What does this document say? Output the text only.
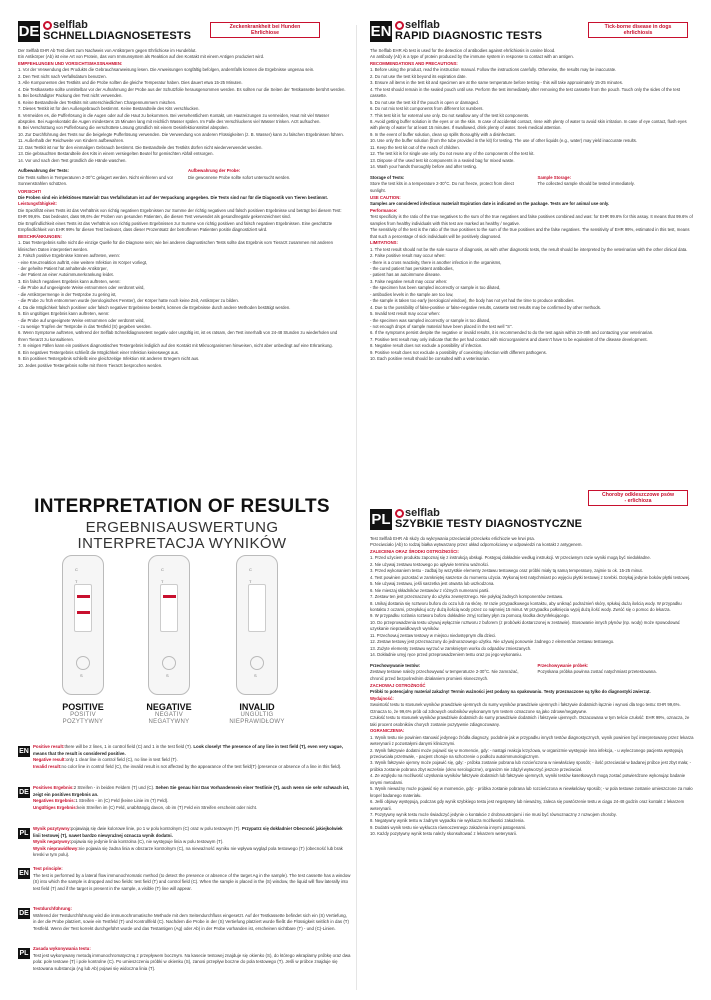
DE selflab
SCHNELLDIAGNOSETESTS
Zeckenkrankheit bei Hunden
Ehrlichiose

Der Selflab EHR Ab Test dient zum Nachweis von Antikörpern gegen Ehrlichiose im Hundeblut.

Ein Antikörper (Ab) ist eine Art von Protein, das vom Immunsystem als Reaktion auf den Kontakt mit einem Antigen produziert wird.

EMPFEHLUNGEN UND VORSICHTSMASSNAHMEN:

1. Vor der Verwendung des Produkts die Gebrauchsanweisung lesen. Die Anweisungen sorgfältig befolgen, andernfalls können die Ergebnisse ungenau sein.

2. Den Test nicht nach Verfallsdatum benutzen.

3. Alle Komponenten des Testkits und die Probe sollten die gleiche Temperatur haben. Dies dauert etwa 15-25 Minuten.

4. Die Testkassette sollte unmittelbar vor der Aufnahmung der Probe aus der Schutzfolie herausgenommen werden. Es sollten nur die Seiten der Testkassette berührt werden.

5. Bei beschädigter Packung den Test nicht verwenden.

6. Keine Bestandteile des Testkits mit unterschiedlichen Chargennummern mischen.

7. Dieses Testkit ist für den Außengebrauch bestimmt. Keine Bestandteile des Kits verschlucken.

8. Vermeiden es, die Pufferlösung in die Augen oder auf die Haut zu bekommen. Bei versehentlichem Kontakt, um Hautreizungen zu vermeiden, Haut mit viel Wasser abspülen. Bei Augenkontakt die Augen mindestens 15 Minuten lang mit reichlich Wasser spülen. Im Falle des Verschluckens viel Wasser trinken. Arzt aufsuchen.

9. Bei Verschüttung von Pufferlösung die verschüttete Lösung gründlich mit einem Desinfektionsmittel abspülen.

10. Zur Durchführung des Tests nur die beigelegte Pufferlösung verwenden. Die Verwendung von anderen Flüssigkeiten (z. B. Wasser) kann zu falschen Ergebnissen führen.

11. Außerhalb der Reichweite von Kindern aufbewahren.

12. Das Testkit ist nur für den einmaligen Gebrauch bestimmt. Die Bestandteile des Testkits dürfen nicht wiederverwendet werden.

13. Die gebrauchten Bestandteile des Kits in einem versiegelten Beutel für gemischten Abfall entsorgen.

14. Vor und nach dem Test gründlich die Hände waschen.

Aufbewahrung der Tests:

Die Tests sollten in Temperaturen 2-30°C gelagert werden. Nicht einfrieren und vor Sonnenstrahlen schützen.

Aufbewahrung der Probe:

Die gewonnene Probe sollte sofort untersucht werden.

VORSICHT!

Die Proben sind ein infektiöses Material! Das Verfallsdatum ist auf der Verpackung angegeben. Die Tests sind nur für die Diagnostik von Tieren bestimmt.

Leistungsfähigkeit:

Die Spezifität eines Tests ist das Verhältnis von richtig negativen Ergebnissen zur Summe der richtig negativen und falsch positiven Ergebnisse und beträgt bei diesem Test: EHR 99,6%. Das bedeutet, dass 99,6% der Proben von gesunden Patienten, die diesen Test verwendet als gesund/negativ gekennzeichnet sind.

Die Empfindlichkeit eines Tests ist das Verhältnis von richtig positiven Ergebnissen zur Summe von richtig positiven und falsch negativen Ergebnissen. Eine geschätzte Empfindlichkeit von EHR 99% für diesen Test bedeutet, dass dieser Prozentsatz der betroffenen Patienten positiv diagnostiziert wird.

BESCHRÄNKUNGEN:

1. Das Testergebnis sollte nicht die einzige Quelle für die Diagnose sein; wie bei anderen diagnostischen Tests sollte das Ergebnis vom Tierarzt zusammen mit anderen klinischen Daten interpretiert werden.

2. Falsch positive Ergebnisse können auftreten, wenn:

- eine Kreuzreaktion auftritt, eine weitere Infektion im Körper vorliegt,

- der geheilte Patient hat anhaltende Antikörper,

- der Patient an einer Autoimmunerkrankung leidet.

3. Ein falsch negatives Ergebnis kann auftreten, wenn:

- die Probe auf ungeeignete Weise entnommen oder verdünnt wird,

- die Antikörpermenge in der Testprobe zu gering ist,

- die Probe zu früh entnommen wurde (serologisches Fenster), der Körper hatte noch keine Zeit, Antikörper zu bilden.

4. Da die Möglichkeit falsch positiver oder falsch negativer Ergebnisse besteht, können die Ergebnisse durch andere Methoden bestätigt werden.

5. Ein ungültiges Ergebnis kann auftreten, wenn:

- die Probe auf ungeeignete Weise entnommen oder verdünnt wird,

- zu wenige Tropfen der Testprobe in das Testfeld (S) gegeben werden.

6. Wenn Symptome auftreten, während der Selflab Schnelldiagnosetest negativ oder ungültig ist, ist es ratsam, den Test innerhalb von 24-48 Stunden zu wiederholen und Ihren Tierarzt zu konsultieren.

7. In einigen Fällen kann ein positives diagnostisches Testergebnis lediglich auf den Kontakt mit Mikroorganismen hinweisen, nicht aber unbedingt auf eine Erkrankung.

8. Ein negatives Testergebnis schließt die Möglichkeit einer Infektion keineswegs aus.

9. Ein positives Testergebnis schließt eine gleichzeitige Infektion mit anderen Erregern nicht aus.

10. Jedes positive Testergebnis sollte mit Ihrem Tierarzt besprochen werden.

EN selflab
RAPID DIAGNOSTIC TESTS
Tick-borne disease in dogs
ehrlichiosis

The Selflab EHR Ab test is used for the detection of antibodies against ehrlichiosis in canine blood.

An antibody (Ab) is a type of protein produced by the immune system in response to contact with an antigen.

RECOMMENDATIONS AND PRECAUTIONS:

1. Before using the product, read the instruction manual. Follow the instructions carefully. Otherwise, the results may be inaccurate.

2. Do not use the test kit beyond its expiration date.

3. Ensure all items in the test kit and specimen are at the same temperature before testing - this will take approximately 15-25 minutes.

4. The test should remain in the sealed pouch until use. Perform the test immediately after removing the test cassette from the pouch. Touch only the sides of the test cassette.

5. Do not use the test kit if the pouch is open or damaged.

6. Do not mix test kit components from different lot numbers.

7. This test kit is for external use only. Do not swallow any of the test kit components.

8. Avoid getting buffer solution in the eyes or on the skin. In case of accidental contact, rinse with plenty of water to avoid skin irritation. In case of eye contact, flush eyes with plenty of water for at least 15 minutes. If swallowed, drink plenty of water. Seek medical attention.

9. In the event of buffer solution, clean up spills thoroughly with a disinfectant.

10. Use only the buffer solution (from the tube provided in the kit) for testing. The use of other liquids (e.g., water) may yield inaccurate results.

11. Keep the test kit out of the reach of children.

12. The test kit is for single use only. Do not reuse any of the components of the test kit.

13. Dispose of the used test kit components in a sealed bag for mixed waste.

14. Wash your hands thoroughly before and after testing.

Storage of Tests:

Store the test kits in a temperature 2-30°C. Do not freeze, protect from direct sunlight.

Sample Storage:

The collected sample should be tested immediately.

USE CAUTION:

Samples are considered infectious material! Expiration date is indicated on the package. Tests are for animal use only.

Performance:

Test specificity is the ratio of the true negatives to the sum of the true negatives and false positives combined and was: for EHR 99.6% for this assay. It means that 99.6% of samples from healthy individuals with this test are marked as healthy / negative.

The sensitivity of the test is the ratio of the true positives to the sum of the true positives and the false negatives. The sensitivity of EHR 99%, estimated in this test, means that such a percentage of sick individuals will be positively diagnosed.

LIMITATIONS:

1. The test result should not be the sole source of diagnosis, as with other diagnostic tests, the result should be interpreted by the veterinarian with the other clinical data.

2. False positive result may occur when:

- there is a cross reactivity, there is another infection in the organisms,

- the cured patient has persistent antibodies,

- patient has an autoimmune disease.

3. False negative result may occur when:

- the specimen has been sampled incorrectly or sample is too diluted,

- antibodies levels in the sample are too low,

- the sample is taken too early (serological window), the body has not yet had the time to produce antibodies.

4. Due to the possibility of false-positive or false-negative results, cassette test results may be confirmed by other methods.

5. Invalid test result may occur when:

- the specimen was sampled incorrectly or sample is too diluted,

- not enough drops of sample material have been placed in the test well "S".

6. If the symptoms persist despite the negative or invalid results, it is recommended to do the test again within 24-48h and contacting your veterinarian.

7. Positive test result may only indicate that the pet had contact with microorganisms and doesn't have to be equivalent of the disease development.

8. Negative result does not exclude a possibility of infection.

9. Positive result does not exclude a possibility of coexisting infection with different pathogens.

10. Each positive result should be consulted with a veterinarian.

INTERPRETATION OF RESULTS
ERGEBNISAUSWERTUNG
INTERPRETACJA WYNIKÓW
C
T
S
POSITIVE
POSITIV
POZYTYWNY
C
T
S
NEGATIVE
NEGATIV
NEGATYWNY
C
T
S
INVALID
UNGÜLTIG
NIEPRAWIDŁOWY
EN

Positive result:there will be 2 lines, 1 in control field (C) and 1 in the test field (T). Look closely! The presence of any line in test field (T), even very vague, means that the result is considered positive.

Negative result:only 1 clear line in control field (C), no line in test field (T).

Invalid result:no color line in control field (C), the invalid result is not affected by the appearance of the test field(T) (presence or absence of a line in this field).

DE

Positives Ergebnis:2 Streifen - in beiden Feldern (T) und (C). Sehen Sie genau hin! Das Vorhandensein einer Testlinie (T), auch wenn sie sehr schwach ist, zeigt ein positives Ergebnis an.

Negatives Ergebnis:1 Streifen - im (C) Feld (keine Linie im (T) Feld).

Ungültiges Ergebnis:kein Streifen im (C) Feld, unabhängig davon, ob im (T) Feld ein Streifen erscheint oder nicht.

PL

Wynik pozytywny:pojawiają się dwie kolorowe linie, po 1 w polu kontrolnym (C) oraz w polu testowym (T). Przypatrz się dokładnie! Obecność jakiejkolwiek linii testowej (T), nawet bardzo niewyraźnej oznacza wynik dodatni.

Wynik negatywny:pojawia się jedynie linia kontrolna (C), nie występuje linia w polu testowym (T).

Wynik nieprawidłowy:nie pojawia się żadna linia w obszarze kontrolnym (C), na nieważność wyniku nie wpływa wygląd pola testowego (T) (obecność lub brak kreski w tym polu).

EN

Test principle:

The test is performed by a lateral flow immunochromatic method (to detect the presence or absence of the target Ag in the sample). The test cassette has a window (S) into which the sample is dropped and two fields: test field (T) and control field (C). When the sample is placed in the (S) window, the liquid will flow laterally into test field (T) and if the target is present in the sample, a visible (T) line will appear.

DE

Testdurchführung:

Während der Testdurchführung wird die immunochromatische Methode mit dem Seitendurchfluss eingesetzt. Auf der Testkassette befindet sich ein (S) Vertiefung, in der die Probe platziert, sowie ein Testfeld (T) und Kontrollfeld (C). Nachdem die Probe in der (S) Vertiefung platziert wurde fließt die Flüssigkeit seitlich in das (T) Testfeld. Wenn der Test korrekt durchgeführt wurde und das Testantigen (Ag) oder Ab) in der Probe vorhanden ist, erscheinen sichtbare (T) - und (C)-Linien.

PL

Zasada wykonywania testu:

Test jest wykonywany metodą immunochromatyczną z przepływem bocznym. Na kasecie testowej znajduje się okienko (S), do którego wkraplamy próbkę oraz dwa pola: pole testowe (T) i pole kontrolne (C). Po umieszczeniu próbki w okienku (S), zanosi przepływ boczne do pola testowego (T). Jeśli w próbce znajduje się testowana substancja (Ag lub Ab) pojawi się widoczna linia (T).

PL selflab
SZYBKIE TESTY DIAGNOSTYCZNE
Choroby odkleszczowe psów
- erlichioza

Test Selflab EHR Ab służy do wykrywania przeciwciał przeciwko erlichiozie we krwi psa.

Przeciwciało (Ab) to rodzaj białka wytwarzany przez układ odpornościowy w odpowiedzi na kontakt z antygenem.

ZALECENIA ORAZ ŚRODKI OSTROŻNOŚCI:

1. Przed użyciem produktu zapoznaj się z instrukcją obsługi. Postępuj dokładnie według instrukcji. W przeciwnym razie wyniki mogą być niedokładne.

2. Nie używaj zestawu testowego po upływie terminu ważności.

3. Przed wykonaniem testu - zadbaj by wszystkie elementy zestawu testowego oraz próbki miały tą samą temperaturę, zajmie to ok. 15-25 minut.

4. Test powinien pozostać w zamkniętej saszetce do momentu użycia. Wykonaj test natychmiast po wyjęciu płytki testowej z torebki. Dotykaj jedynie boków płytki testowej.

5. Nie używaj zestawu, jeśli saszetka jest otwarta lub uszkodzona.

6. Nie mieszaj składników zestawów z różnych numerami partii.

7. Zestaw ten jest przeznaczony do użytku zewnętrznego. Nie połykaj żadnych komponentów zestawu.

8. Unikaj dostania się roztworu buforu do oczu lub na skórę. W razie przypadkowego kontaktu, aby uniknąć podrażnień skóry, spłukuj dużą ilością wody. W przypadku kontaktu z oczami, przepłukuj oczy dużą ilością wody przez co najmniej 15 minut. W przypadku połknięcia wypij dużą ilość wody. Zwróć się o pomoc do lekarza.

9. W przypadku rozlania roztworu buforu dokładnie zmyj rozlany płyn za pomocą środka dezynfekującego.

10. Do przeprowadzenia testu używaj wyłącznie roztworu z buforem (z probówki dostarczonej w zestawie). Stosowanie innych płynów (np. wody) może spowodować uzyskanie nieprawidłowych wyników.

11. Przechowuj zestaw testowy w miejscu niedostępnym dla dzieci.

12. Zestaw testowy jest przeznaczony do jednorazowego użytku. Nie używaj ponownie żadnego z elementów zestawu testowego.

13. Zużyte elementy zestawu wyrzuć w zamkniętym worku do odpadów zmieszanych.

14. Dokładnie umyj ręce przed przeprowadzeniem testu oraz po jego wykonaniu.

Przechowywanie testów:

Zestawy testowe należy przechowywać w temperaturze 2-30°C. Nie zamrażać, chronić przed bezpośrednim działaniem promieni słonecznych.

Przechowywanie próbek:

Pozyskana próbka powinna zostać natychmiast przetestowana.

ZACHOWAJ OSTROŻNOŚĆ

Próbki to potencjalny materiał zakaźny! Termin ważności jest podany na opakowaniu. Testy przeznaczone są tylko do diagnostyki zwierząt.

Wydajność:

Swoistość testu to stosunek wyników prawdziwie ujemnych do sumy wyników prawdziwie ujemnych i fałszywie dodatnich łącznie i wynosi dla tego testu: EHR 99,6%. Oznacza to, że 99,6% prób od zdrowych osobników wykonanym tym testem oznaczone są jako zdrowe/negatywne.

Czułość testu to stosunek wyników prawdziwie dodatnich do sumy prawdziwie dodatnich i fałszywie ujemnych. Oszacowana w tym teście czułość: EHR 99%, oznacza, że taki procent osobników chorych zostanie pozytywnie zdiagnozowany.

OGRANICZENIA:

1. Wynik testu nie powinien stanowić jedynego źródła diagnozy, podobnie jak w przypadku innych testów diagnostycznych, wynik powinien być interpretowany przez lekarza weterynarii z pozostałymi danymi klinicznymi.

2. Wynik fałszywie dodatni może pojawić się w momencie, gdy: - nastąpi reakcja krzyżowa, w organizmie występuje inna infekcja, - u wyleczonego pacjenta występują przeciwciała przetrwałe, - pacjent choruje na schorzenie o podłożu autoimmunologicznym.

3. Wynik fałszywie ujemny może pojawić się, gdy: - próbka zostanie pobrana lub rozcieńczona w niewłaściwy sposób; - ilość przeciwciał w badanej próbce jest zbyt mała; - próbka zostanie pobrana zbyt wcześnie (okno serologiczne), organizm nie zdążył wytworzyć jeszcze przeciwciał.

4. Ze względu na możliwość uzyskania wyników fałszywie dodatnich lub fałszywie ujemnych, wyniki testów kasetkowych mogą zostać potwierdzone wykonując badanie innymi metodami.

5. Wynik nieważny może pojawić się w momencie, gdy: - próbka zostanie pobrana lub rozcieńczona w niewłaściwy sposób; - w pola testowe zostanie umieszczone za mało kropel badanego materiału.

6. Jeśli objawy występują, podczas gdy wynik szybkiego testu jest negatywny lub nieważny, zaleca się powtórzenie testu w ciągu 24-48 godzin oraz kontakt z lekarzem weterynarii.

7. Pozytywny wynik testu może świadczyć jedynie o kontakcie z drobnoustrojami i nie musi być równoznaczny z rozwojem choroby.

8. Negatywny wynik testu w żadnym wypadku nie wyklucza możliwości zakażenia.

9. Dodatni wynik testu nie wyklucza równoczesnego zakażenia innymi patogenami.

10. Każdy pozytywny wynik testu należy skonsultować z lekarzem weterynarii.
